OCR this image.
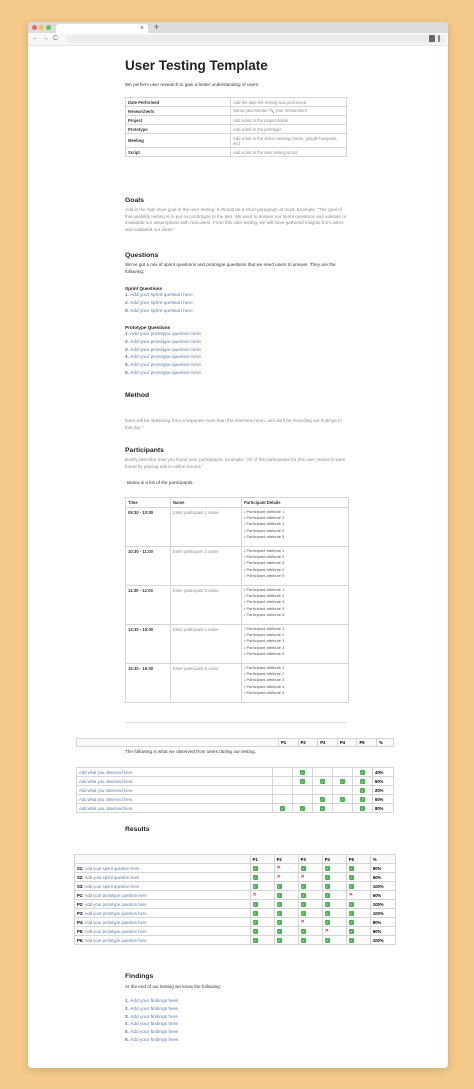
× +
← → C
User Testing Template
We perform user research to gain a better understanding of users.
Date Performed	Add the date the testing was performed
Researcher/s	Name (and shorter 🔍 your researchers
Project	Add a link to the project folder
Prototype	Add a link to the prototype
Meeting	Add a link to the video meeting (zoom, google hangouts, etc)
Script	Add a link to the user testing script
Goals
Add in the high level goal of the user testing. It should be a short paragraph at most. Example: "The goal of this usability testing is to put our prototype to the test. We want to answer our sprint questions and validate or invalidate our assumptions with real users. From this user testing, we will have gathered insights from users and validated our ideas."
Questions
We've got a mix of sprint questions and prototype questions that we need users to answer. They are the following:
Sprint Questions
1. Add your sprint question here
2. Add your sprint question here
3. Add your sprint question here
Prototype Questions
1. Add your prototype question here
2. Add your prototype question here
3. Add your prototype question here
4. Add your prototype question here
5. Add your prototype question here
6. Add your prototype question here
Method
team will be observing from a separate room than the interview room, and we'll be recording our findings in this doc."
Participants
Briefly describe how you found your participants. Example: "All of the participants for this user research were found by placing ads in online forums."
Below is a list of the participants.
Time	Name	Participant Details
09:30 - 10:00	Enter participant 1 name	• Participant attribute 1
• Participant attribute 2
• Participant attribute 3
• Participant attribute 4
• Participant attribute 5

10:30 - 11:00	Enter participant 2 name	• Participant attribute 1
• Participant attribute 2
• Participant attribute 3
• Participant attribute 4
• Participant attribute 5

11:30 - 12:00	Enter participant 3 name	• Participant attribute 1
• Participant attribute 2
• Participant attribute 3
• Participant attribute 4
• Participant attribute 5

14:30 - 15:00	Enter participant 4 name	• Participant attribute 1
• Participant attribute 2
• Participant attribute 3
• Participant attribute 4
• Participant attribute 5

15:30 - 16:00	Enter participant 5 name	• Participant attribute 1
• Participant attribute 2
• Participant attribute 3
• Participant attribute 4
• Participant attribute 5
The following is what we observed from users during our testing.
	P1	P2	P3	P4	P5	%
Add what you observed here.		✓			✓	40%
Add what you observed here.		✓	✓	✓	✓	80%
Add what you observed here.					✓	20%
Add what you observed here.			✓	✓	✓	60%
Add what you observed here.	✓	✓	✓		✓	80%
Results
	P1	P2	P3	P4	P5	%
S1: Add your sprint question here	✓	✕	✓	✓	✓	80%
S2: Add your sprint question here	✓	✕	✕	✓	✓	60%
S3: Add your sprint question here	✓	✓	✓	✓	✓	100%
P1: Add your prototype question here	✕	✓	✓	✓	✕	60%
P2: Add your prototype question here	✓	✓	✓	✓	✓	100%
P3: Add your prototype question here	✓	✓	✓	✓	✓	100%
P4: Add your prototype question here	✓	✓	✕	✓	✓	80%
P5: Add your prototype question here	✓	✓	✓	✕	✓	80%
P6: Add your prototype question here	✓	✓	✓	✓	✓	100%
Findings
At the end of our testing we know the following:
1. Add your findings here.
2. Add your findings here.
3. Add your findings here.
4. Add your findings here.
5. Add your findings here.
6. Add your findings here.
